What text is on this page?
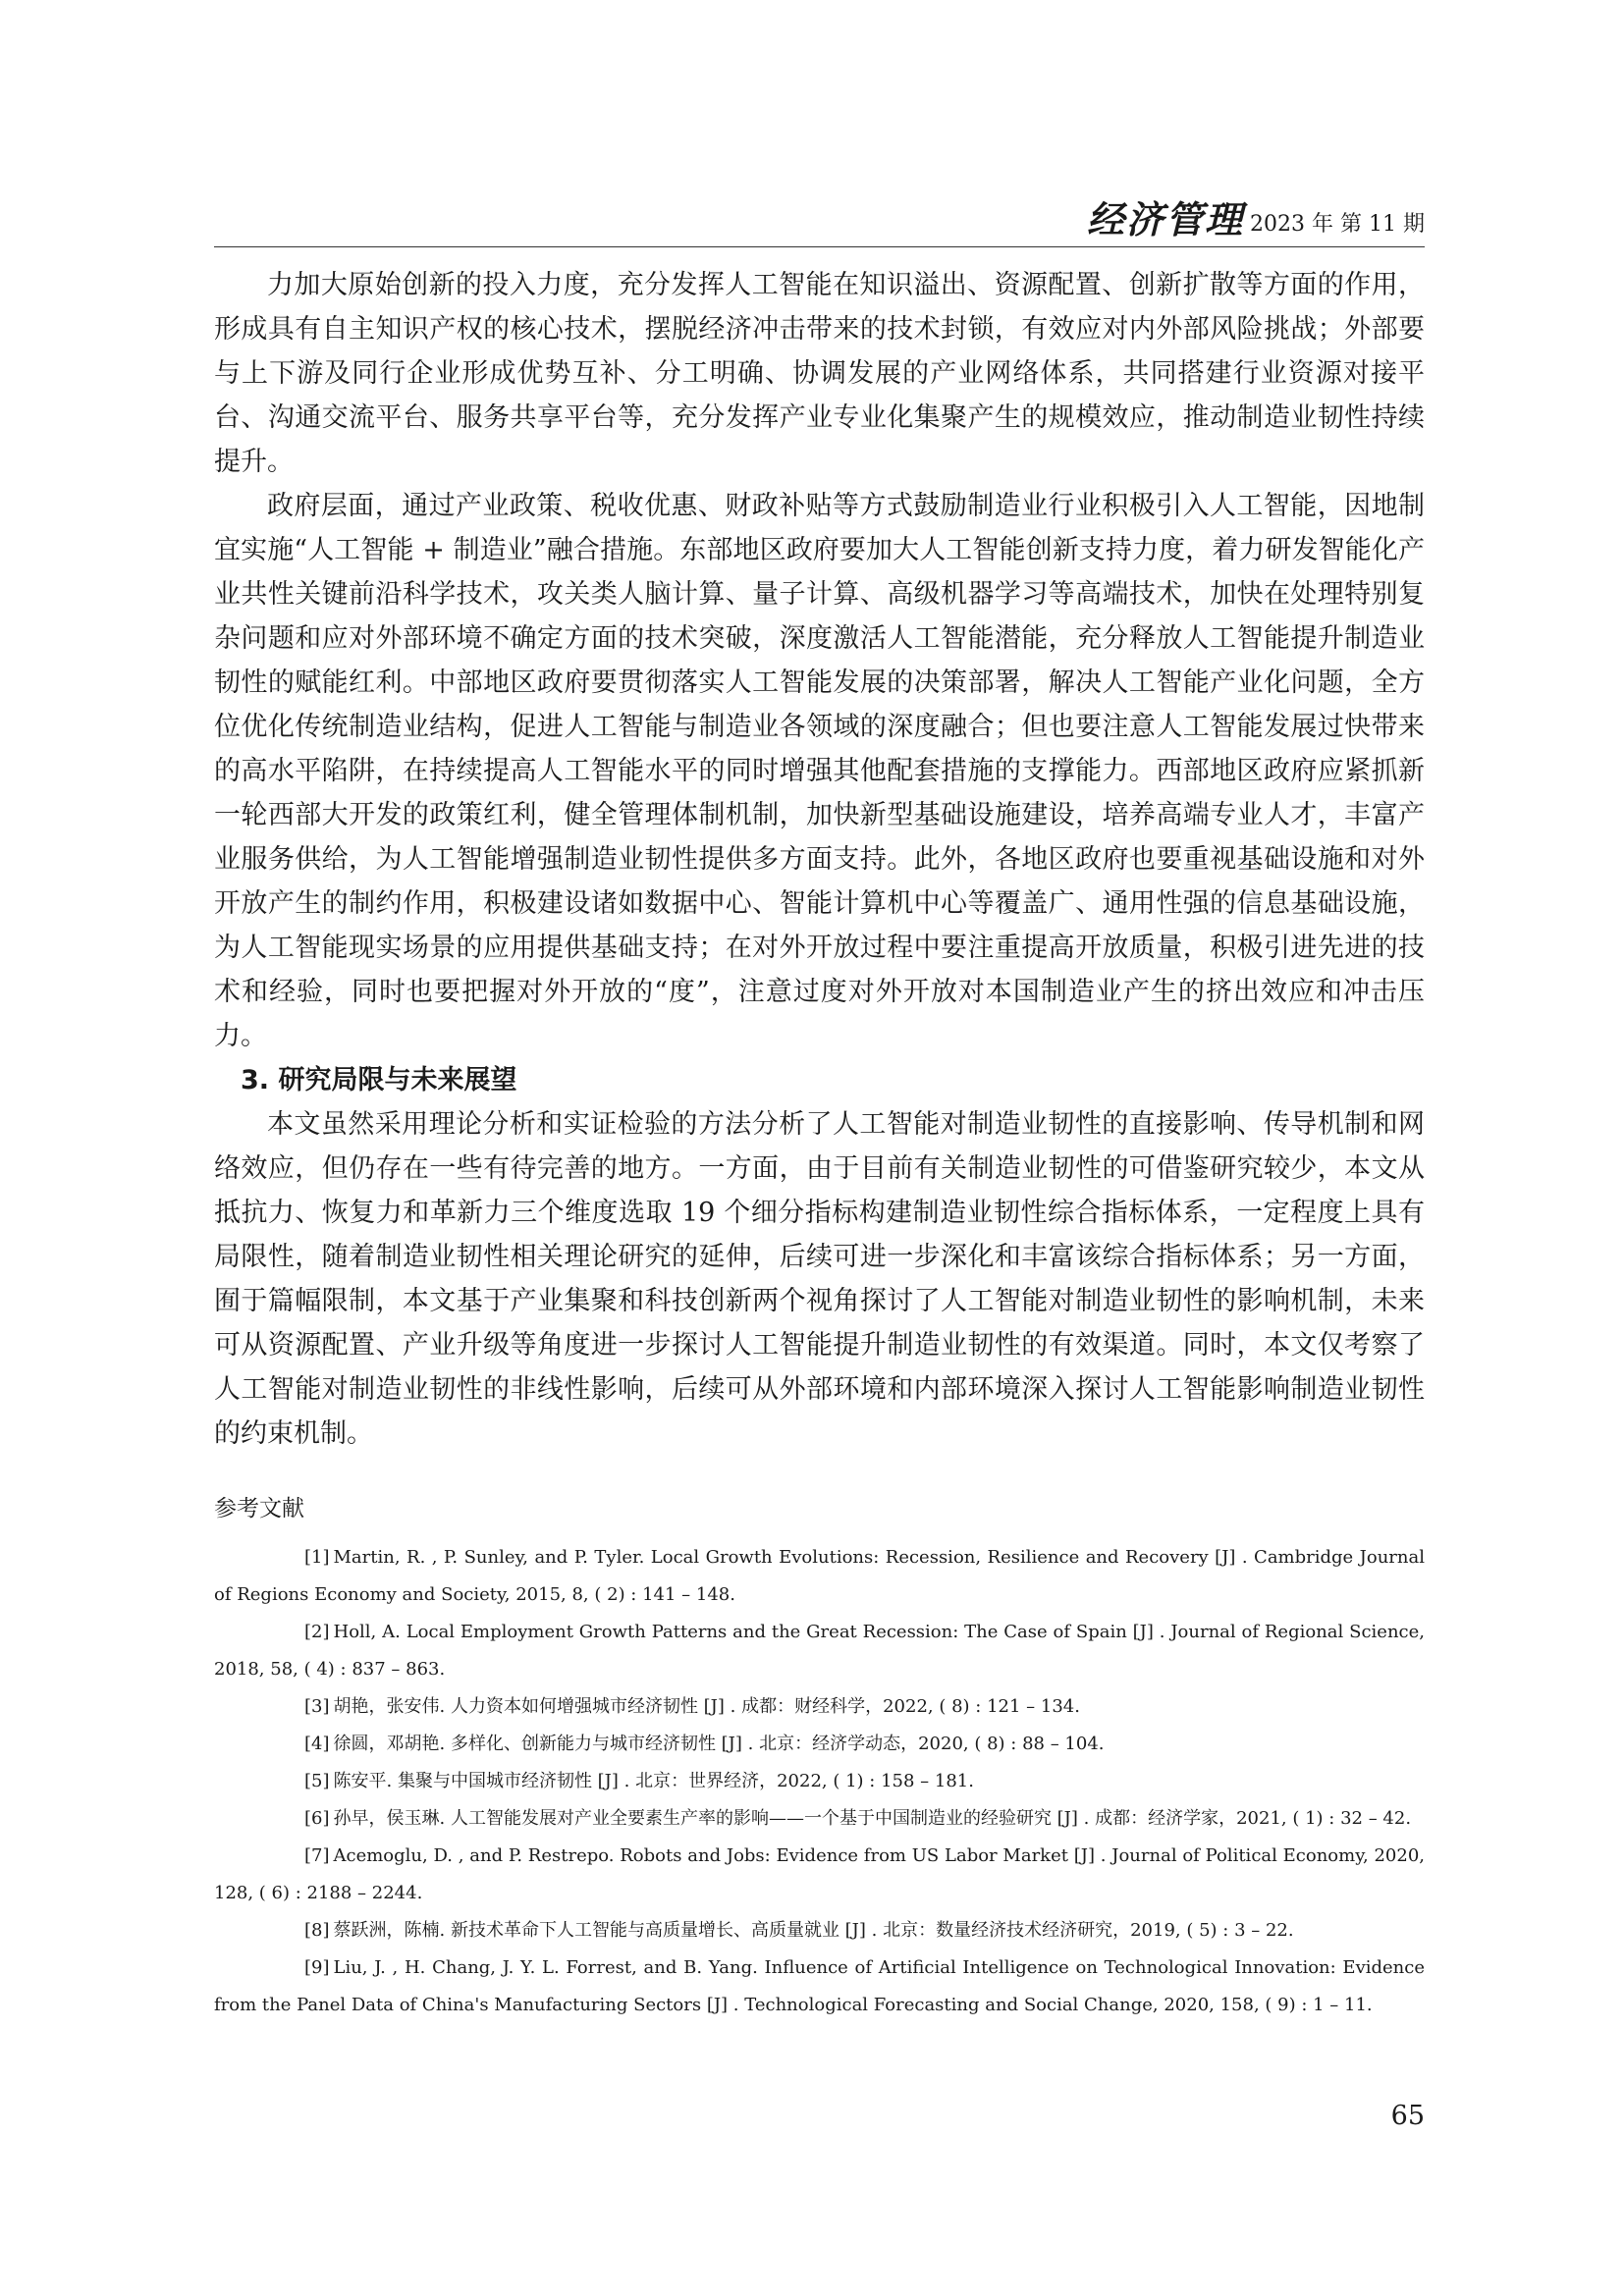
经济管理 2023 年 第 11 期

力加大原始创新的投入力度，充分发挥人工智能在知识溢出、资源配置、创新扩散等方面的作用，形成具有自主知识产权的核心技术，摆脱经济冲击带来的技术封锁，有效应对内外部风险挑战；外部要与上下游及同行企业形成优势互补、分工明确、协调发展的产业网络体系，共同搭建行业资源对接平台、沟通交流平台、服务共享平台等，充分发挥产业专业化集聚产生的规模效应，推动制造业韧性持续提升。

政府层面，通过产业政策、税收优惠、财政补贴等方式鼓励制造业行业积极引入人工智能，因地制宜实施“人工智能 + 制造业”融合措施。东部地区政府要加大人工智能创新支持力度，着力研发智能化产业共性关键前沿科学技术，攻关类人脑计算、量子计算、高级机器学习等高端技术，加快在处理特别复杂问题和应对外部环境不确定方面的技术突破，深度激活人工智能潜能，充分释放人工智能提升制造业韧性的赋能红利。中部地区政府要贯彻落实人工智能发展的决策部署，解决人工智能产业化问题，全方位优化传统制造业结构，促进人工智能与制造业各领域的深度融合；但也要注意人工智能发展过快带来的高水平陷阱，在持续提高人工智能水平的同时增强其他配套措施的支撑能力。西部地区政府应紧抓新一轮西部大开发的政策红利，健全管理体制机制，加快新型基础设施建设，培养高端专业人才，丰富产业服务供给，为人工智能增强制造业韧性提供多方面支持。此外，各地区政府也要重视基础设施和对外开放产生的制约作用，积极建设诸如数据中心、智能计算机中心等覆盖广、通用性强的信息基础设施，为人工智能现实场景的应用提供基础支持；在对外开放过程中要注重提高开放质量，积极引进先进的技术和经验，同时也要把握对外开放的“度”，注意过度对外开放对本国制造业产生的挤出效应和冲击压力。

3. 研究局限与未来展望

本文虽然采用理论分析和实证检验的方法分析了人工智能对制造业韧性的直接影响、传导机制和网络效应，但仍存在一些有待完善的地方。一方面，由于目前有关制造业韧性的可借鉴研究较少，本文从抵抗力、恢复力和革新力三个维度选取 19 个细分指标构建制造业韧性综合指标体系，一定程度上具有局限性，随着制造业韧性相关理论研究的延伸，后续可进一步深化和丰富该综合指标体系；另一方面，囿于篇幅限制，本文基于产业集聚和科技创新两个视角探讨了人工智能对制造业韧性的影响机制，未来可从资源配置、产业升级等角度进一步探讨人工智能提升制造业韧性的有效渠道。同时，本文仅考察了人工智能对制造业韧性的非线性影响，后续可从外部环境和内部环境深入探讨人工智能影响制造业韧性的约束机制。

参考文献
[1] Martin, R. , P. Sunley, and P. Tyler. Local Growth Evolutions: Recession, Resilience and Recovery [J] . Cambridge Journal of Regions Economy and Society, 2015, 8, ( 2) : 141 – 148.
[2] Holl, A. Local Employment Growth Patterns and the Great Recession: The Case of Spain [J] . Journal of Regional Science, 2018, 58, ( 4) : 837 – 863.
[3] 胡艳，张安伟. 人力资本如何增强城市经济韧性 [J] . 成都：财经科学，2022, ( 8) : 121 – 134.
[4] 徐圆，邓胡艳. 多样化、创新能力与城市经济韧性 [J] . 北京：经济学动态，2020, ( 8) : 88 – 104.
[5] 陈安平. 集聚与中国城市经济韧性 [J] . 北京：世界经济，2022, ( 1) : 158 – 181.
[6] 孙早，侯玉琳. 人工智能发展对产业全要素生产率的影响——一个基于中国制造业的经验研究 [J] . 成都：经济学家，2021, ( 1) : 32 – 42.
[7] Acemoglu, D. , and P. Restrepo. Robots and Jobs: Evidence from US Labor Market [J] . Journal of Political Economy, 2020, 128, ( 6) : 2188 – 2244.
[8] 蔡跃洲，陈楠. 新技术革命下人工智能与高质量增长、高质量就业 [J] . 北京：数量经济技术经济研究，2019, ( 5) : 3 – 22.
[9] Liu, J. , H. Chang, J. Y. L. Forrest, and B. Yang. Influence of Artificial Intelligence on Technological Innovation: Evidence from the Panel Data of China's Manufacturing Sectors [J] . Technological Forecasting and Social Change, 2020, 158, ( 9) : 1 – 11.
65
